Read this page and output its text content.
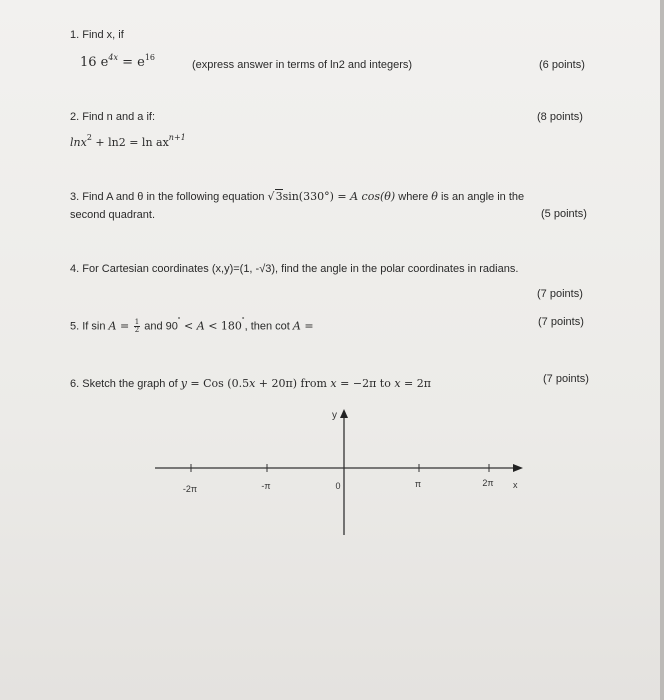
1. Find x, if
16 $e^{4x} = e^{16}$
(express answer in terms of ln2 and integers)	(6 points)
2. Find n and a if:	(8 points)
$\ln x^2 + \ln 2 = \ln ax^{n+1}$
3. Find A and θ in the following equation √3sin(330°) = A cos(θ) where θ is an angle in the
second quadrant.	(5 points)
4. For Cartesian coordinates (x,y)=(1, -√3), find the angle in the polar coordinates in radians.
(7 points)
5. If $\sin A = \frac{1}{2}$ and 90˚ < A < 180˚, then cot A =	(7 points)
6. Sketch the graph of y = Cos (0.5x + 20π) from x = −2π to x = 2π	(7 points)
y
x
-2π	-π	0	π	2π
